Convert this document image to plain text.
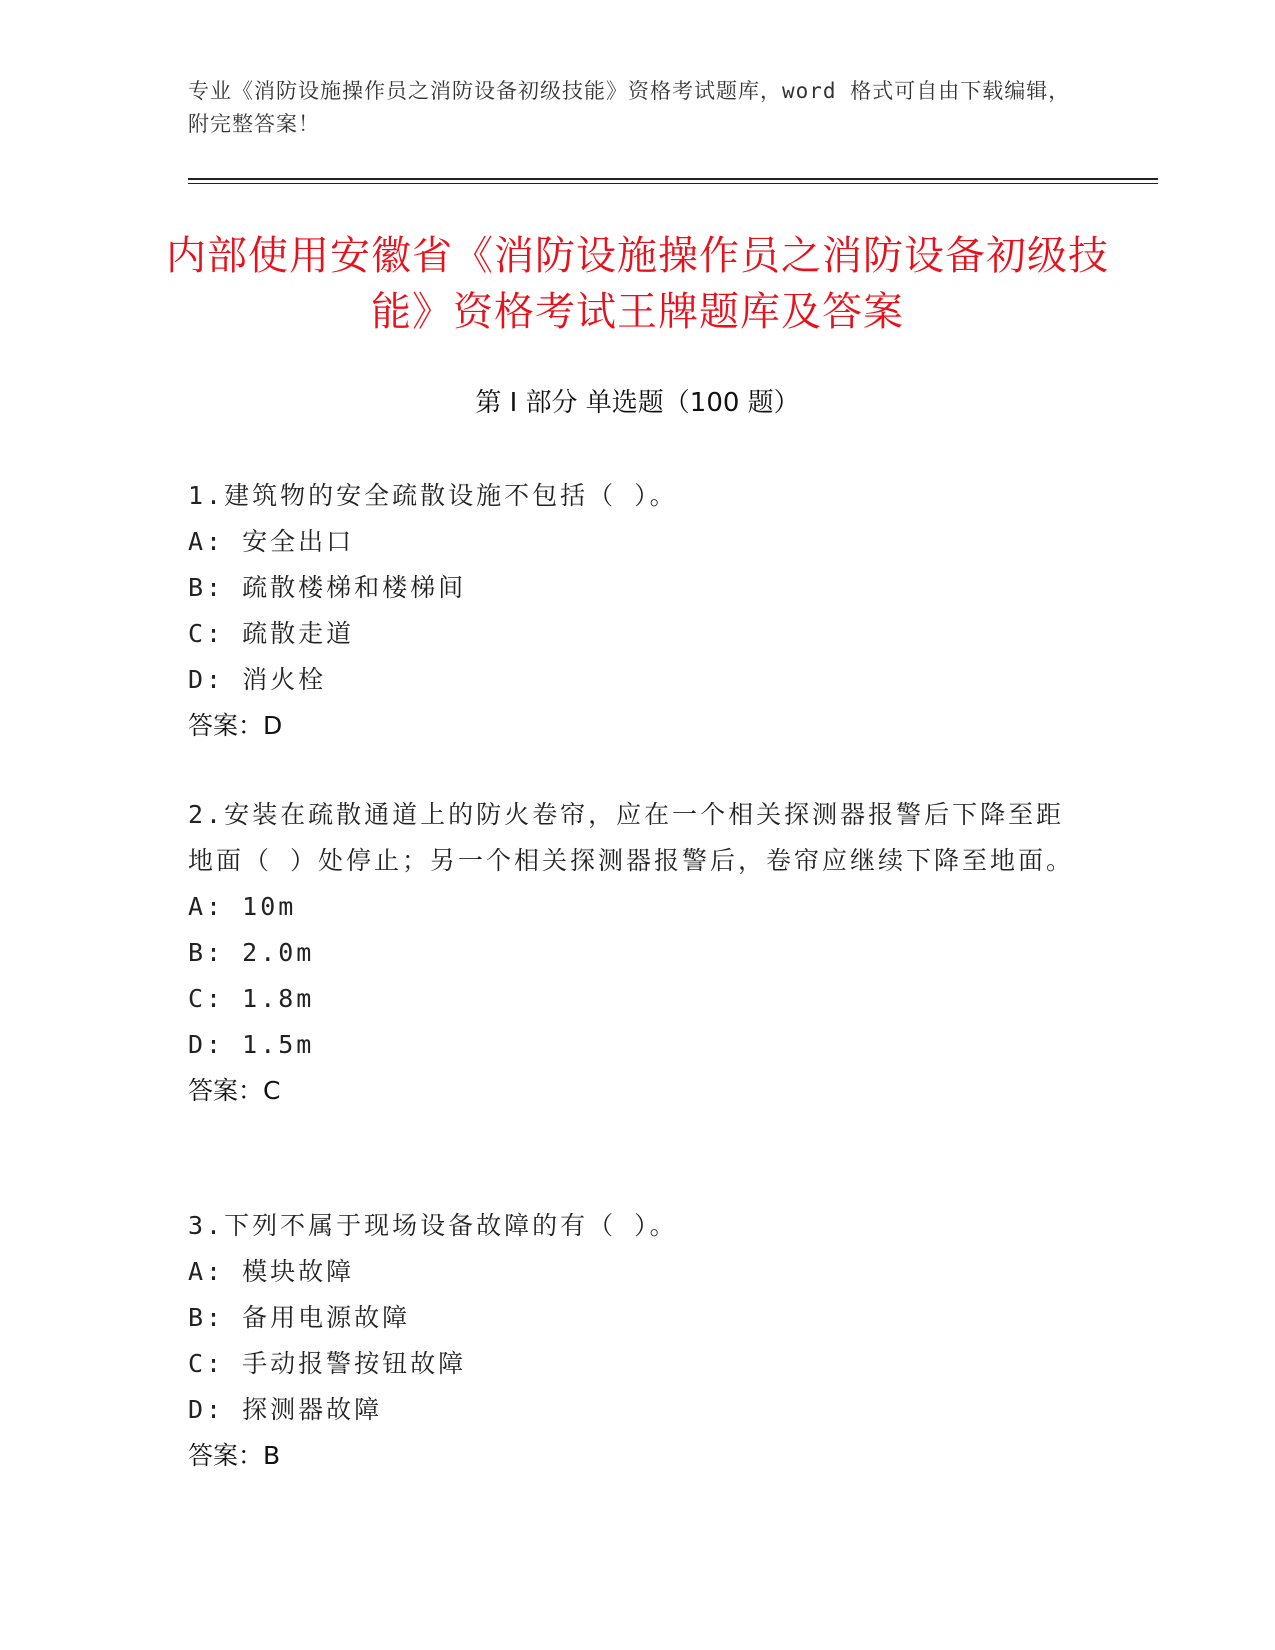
专业《消防设施操作员之消防设备初级技能》资格考试题库，word 格式可自由下载编辑，附完整答案！
内部使用安徽省《消防设施操作员之消防设备初级技能》资格考试王牌题库及答案
第 I 部分 单选题（100 题）

1.建筑物的安全疏散设施不包括（ ）。

A: 安全出口
B: 疏散楼梯和楼梯间
C: 疏散走道
D: 消火栓
答案：D

2.安装在疏散通道上的防火卷帘，应在一个相关探测器报警后下降至距地面（ ）处停止；另一个相关探测器报警后，卷帘应继续下降至地面。

A: 10m
B: 2.0m
C: 1.8m
D: 1.5m
答案：C

3.下列不属于现场设备故障的有（ ）。

A: 模块故障
B: 备用电源故障
C: 手动报警按钮故障
D: 探测器故障
答案：B
